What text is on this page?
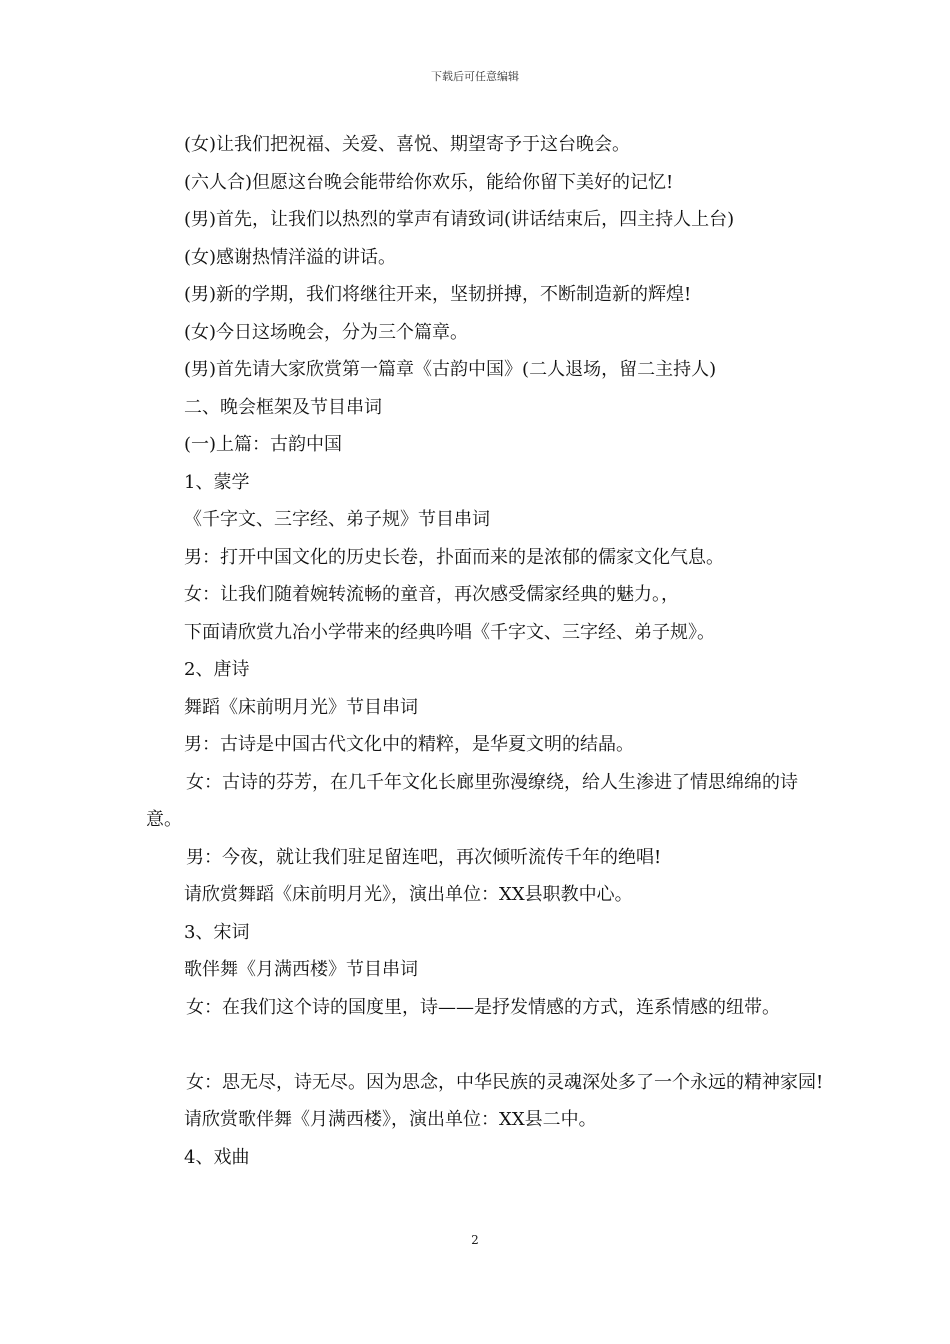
下载后可任意编辑

(女)让我们把祝福、关爱、喜悦、期望寄予于这台晚会。

(六人合)但愿这台晚会能带给你欢乐，能给你留下美好的记忆!

(男)首先，让我们以热烈的掌声有请致词(讲话结束后，四主持人上台)

(女)感谢热情洋溢的讲话。

(男)新的学期，我们将继往开来，坚韧拼搏，不断制造新的辉煌!

(女)今日这场晚会，分为三个篇章。

(男)首先请大家欣赏第一篇章《古韵中国》(二人退场，留二主持人)

二、晚会框架及节目串词

(一)上篇：古韵中国

1、蒙学

《千字文、三字经、弟子规》节目串词

男：打开中国文化的历史长卷，扑面而来的是浓郁的儒家文化气息。

女：让我们随着婉转流畅的童音，再次感受儒家经典的魅力。，

下面请欣赏九冶小学带来的经典吟唱《千字文、三字经、弟子规》。

2、唐诗

舞蹈《床前明月光》节目串词

男：古诗是中国古代文化中的精粹，是华夏文明的结晶。

女：古诗的芬芳，在几千年文化长廊里弥漫缭绕，给人生渗进了情思绵绵的诗意。

男：今夜，就让我们驻足留连吧，再次倾听流传千年的绝唱!

请欣赏舞蹈《床前明月光》，演出单位：XX县职教中心。

3、宋词

歌伴舞《月满西楼》节目串词

女：在我们这个诗的国度里，诗——是抒发情感的方式，连系情感的纽带。

女：思无尽，诗无尽。因为思念，中华民族的灵魂深处多了一个永远的精神家园!

请欣赏歌伴舞《月满西楼》，演出单位：XX县二中。

4、戏曲

2
